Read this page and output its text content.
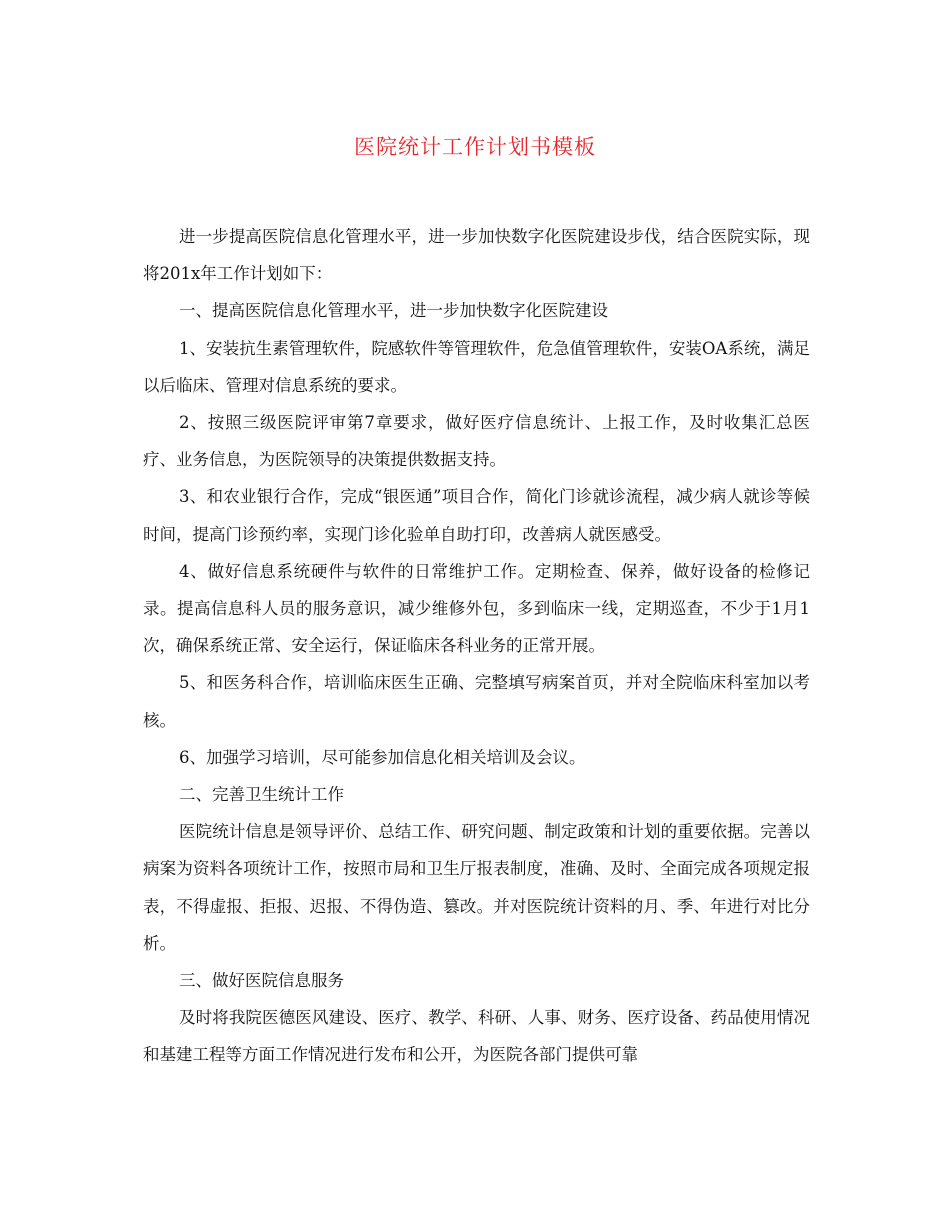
医院统计工作计划书模板

进一步提高医院信息化管理水平，进一步加快数字化医院建设步伐，结合医院实际，现将201x年工作计划如下：

一、提高医院信息化管理水平，进一步加快数字化医院建设

1、安装抗生素管理软件，院感软件等管理软件，危急值管理软件，安装OA系统，满足以后临床、管理对信息系统的要求。

2、按照三级医院评审第7章要求，做好医疗信息统计、上报工作，及时收集汇总医疗、业务信息，为医院领导的决策提供数据支持。

3、和农业银行合作，完成“银医通”项目合作，简化门诊就诊流程，减少病人就诊等候时间，提高门诊预约率，实现门诊化验单自助打印，改善病人就医感受。

4、做好信息系统硬件与软件的日常维护工作。定期检查、保养，做好设备的检修记录。提高信息科人员的服务意识，减少维修外包，多到临床一线，定期巡查，不少于1月1次，确保系统正常、安全运行，保证临床各科业务的正常开展。

5、和医务科合作，培训临床医生正确、完整填写病案首页，并对全院临床科室加以考核。

6、加强学习培训，尽可能参加信息化相关培训及会议。

二、完善卫生统计工作

医院统计信息是领导评价、总结工作、研究问题、制定政策和计划的重要依据。完善以病案为资料各项统计工作，按照市局和卫生厅报表制度，准确、及时、全面完成各项规定报表，不得虚报、拒报、迟报、不得伪造、篡改。并对医院统计资料的月、季、年进行对比分析。

三、做好医院信息服务

及时将我院医德医风建设、医疗、教学、科研、人事、财务、医疗设备、药品使用情况和基建工程等方面工作情况进行发布和公开，为医院各部门提供可靠
